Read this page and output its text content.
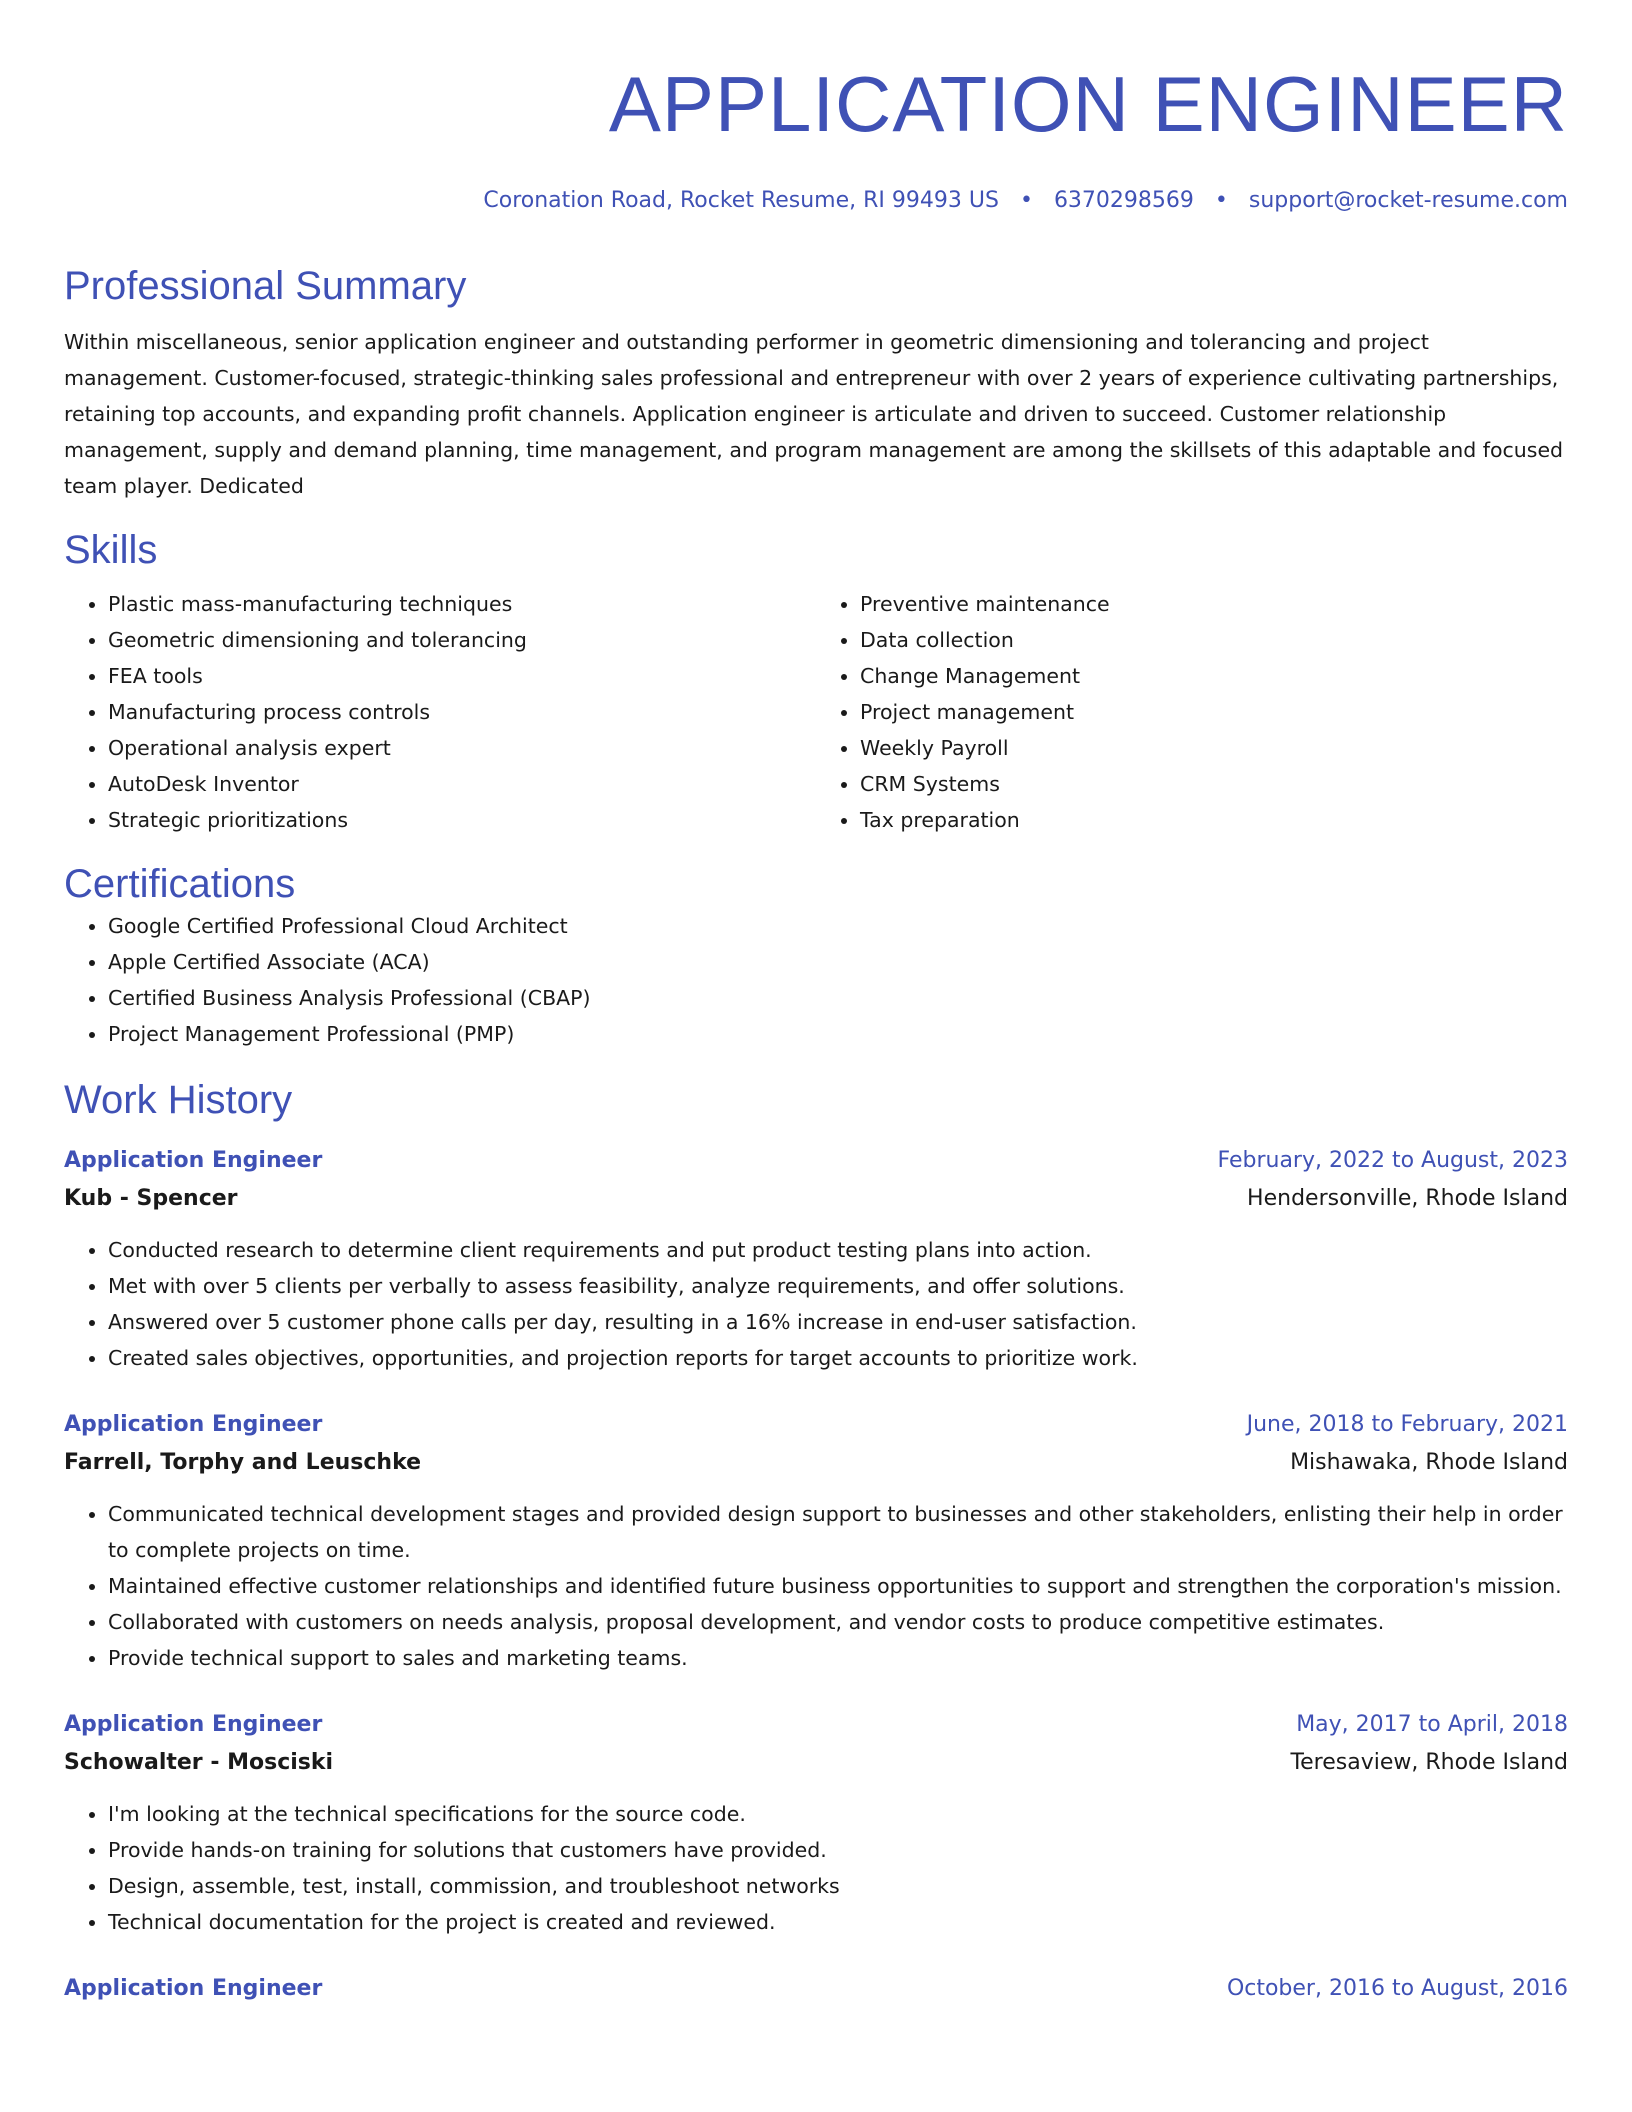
APPLICATION ENGINEER
Coronation Road, Rocket Resume, RI 99493 US • 6370298569 • support@rocket-resume.com
Professional Summary

Within miscellaneous, senior application engineer and outstanding performer in geometric dimensioning and tolerancing and project management. Customer-focused, strategic-thinking sales professional and entrepreneur with over 2 years of experience cultivating partnerships, retaining top accounts, and expanding profit channels. Application engineer is articulate and driven to succeed. Customer relationship management, supply and demand planning, time management, and program management are among the skillsets of this adaptable and focused team player. Dedicated

Skills
• Plastic mass-manufacturing techniques
• Geometric dimensioning and tolerancing
• FEA tools
• Manufacturing process controls
• Operational analysis expert
• AutoDesk Inventor
• Strategic prioritizations
• Preventive maintenance
• Data collection
• Change Management
• Project management
• Weekly Payroll
• CRM Systems
• Tax preparation
Certifications
• Google Certified Professional Cloud Architect
• Apple Certified Associate (ACA)
• Certified Business Analysis Professional (CBAP)
• Project Management Professional (PMP)
Work History
Application Engineer	February, 2022 to August, 2023
Kub - Spencer	Hendersonville, Rhode Island
• Conducted research to determine client requirements and put product testing plans into action.
• Met with over 5 clients per verbally to assess feasibility, analyze requirements, and offer solutions.
• Answered over 5 customer phone calls per day, resulting in a 16% increase in end-user satisfaction.
• Created sales objectives, opportunities, and projection reports for target accounts to prioritize work.
Application Engineer	June, 2018 to February, 2021
Farrell, Torphy and Leuschke	Mishawaka, Rhode Island
• Communicated technical development stages and provided design support to businesses and other stakeholders, enlisting their help in order to complete projects on time.
• Maintained effective customer relationships and identified future business opportunities to support and strengthen the corporation's mission.
• Collaborated with customers on needs analysis, proposal development, and vendor costs to produce competitive estimates.
• Provide technical support to sales and marketing teams.
Application Engineer	May, 2017 to April, 2018
Schowalter - Mosciski	Teresaview, Rhode Island
• I'm looking at the technical specifications for the source code.
• Provide hands-on training for solutions that customers have provided.
• Design, assemble, test, install, commission, and troubleshoot networks
• Technical documentation for the project is created and reviewed.
Application Engineer	October, 2016 to August, 2016
